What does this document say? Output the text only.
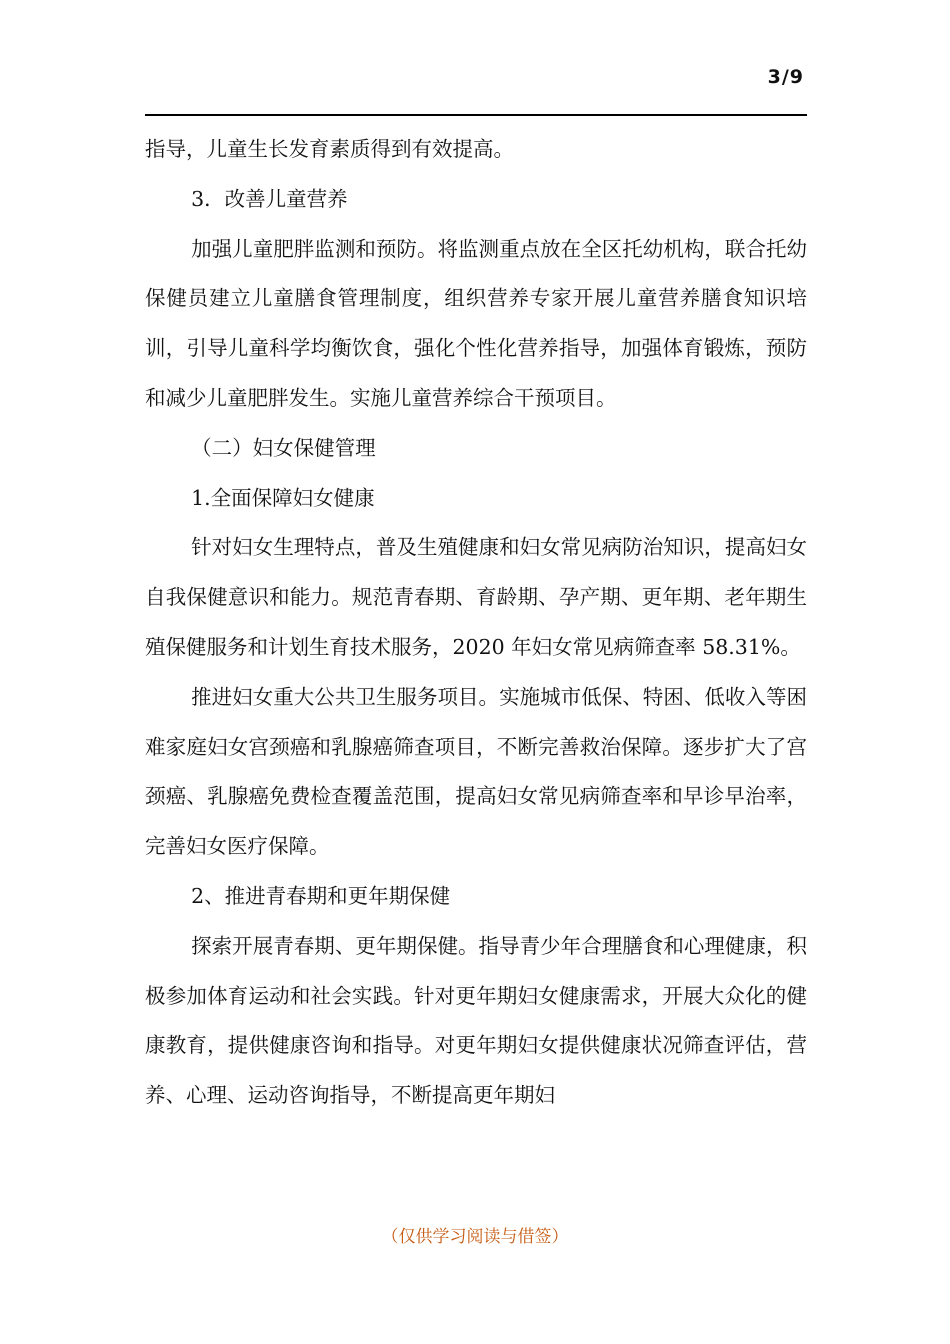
3/9

指导，儿童生长发育素质得到有效提高。

3．改善儿童营养

加强儿童肥胖监测和预防。将监测重点放在全区托幼机构，联合托幼保健员建立儿童膳食管理制度，组织营养专家开展儿童营养膳食知识培训，引导儿童科学均衡饮食，强化个性化营养指导，加强体育锻炼，预防和减少儿童肥胖发生。实施儿童营养综合干预项目。

（二）妇女保健管理

1.全面保障妇女健康

针对妇女生理特点，普及生殖健康和妇女常见病防治知识，提高妇女自我保健意识和能力。规范青春期、育龄期、孕产期、更年期、老年期生殖保健服务和计划生育技术服务，2020 年妇女常见病筛查率 58.31%。

推进妇女重大公共卫生服务项目。实施城市低保、特困、低收入等困难家庭妇女宫颈癌和乳腺癌筛查项目，不断完善救治保障。逐步扩大了宫颈癌、乳腺癌免费检查覆盖范围，提高妇女常见病筛查率和早诊早治率，完善妇女医疗保障。

2、推进青春期和更年期保健

探索开展青春期、更年期保健。指导青少年合理膳食和心理健康，积极参加体育运动和社会实践。针对更年期妇女健康需求，开展大众化的健康教育，提供健康咨询和指导。对更年期妇女提供健康状况筛查评估，营养、心理、运动咨询指导，不断提高更年期妇

（仅供学习阅读与借签）
